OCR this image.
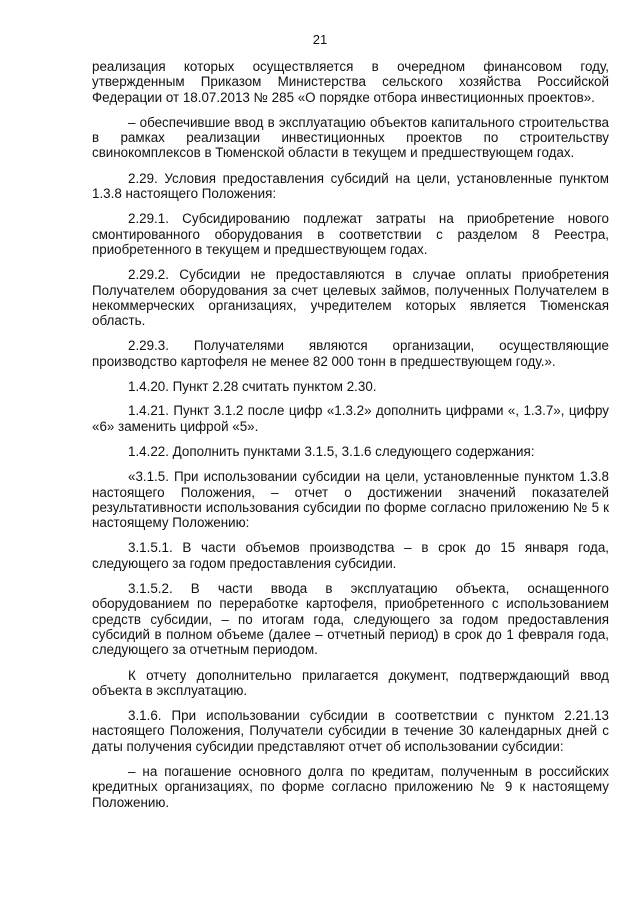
21

реализация которых осуществляется в очередном финансовом году, утвержденным Приказом Министерства сельского хозяйства Российской Федерации от 18.07.2013 № 285 «О порядке отбора инвестиционных проектов».

– обеспечившие ввод в эксплуатацию объектов капитального строительства в рамках реализации инвестиционных проектов по строительству свинокомплексов в Тюменской области в текущем и предшествующем годах.

2.29. Условия предоставления субсидий на цели, установленные пунктом 1.3.8 настоящего Положения:

2.29.1. Субсидированию подлежат затраты на приобретение нового смонтированного оборудования в соответствии с разделом 8 Реестра, приобретенного в текущем и предшествующем годах.

2.29.2. Субсидии не предоставляются в случае оплаты приобретения Получателем оборудования за счет целевых займов, полученных Получателем в некоммерческих организациях, учредителем которых является Тюменская область.

2.29.3. Получателями являются организации, осуществляющие производство картофеля не менее 82 000 тонн в предшествующем году.».

1.4.20. Пункт 2.28 считать пунктом 2.30.

1.4.21. Пункт 3.1.2 после цифр «1.3.2» дополнить цифрами «, 1.3.7», цифру «6» заменить цифрой «5».

1.4.22. Дополнить пунктами 3.1.5, 3.1.6 следующего содержания:

«3.1.5. При использовании субсидии на цели, установленные пунктом 1.3.8 настоящего Положения, – отчет о достижении значений показателей результативности использования субсидии по форме согласно приложению № 5 к настоящему Положению:

3.1.5.1. В части объемов производства – в срок до 15 января года, следующего за годом предоставления субсидии.

3.1.5.2. В части ввода в эксплуатацию объекта, оснащенного оборудованием по переработке картофеля, приобретенного с использованием средств субсидии, – по итогам года, следующего за годом предоставления субсидий в полном объеме (далее – отчетный период) в срок до 1 февраля года, следующего за отчетным периодом.

К отчету дополнительно прилагается документ, подтверждающий ввод объекта в эксплуатацию.

3.1.6. При использовании субсидии в соответствии с пунктом 2.21.13 настоящего Положения, Получатели субсидии в течение 30 календарных дней с даты получения субсидии представляют отчет об использовании субсидии:

– на погашение основного долга по кредитам, полученным в российских кредитных организациях, по форме согласно приложению № 9 к настоящему Положению.
